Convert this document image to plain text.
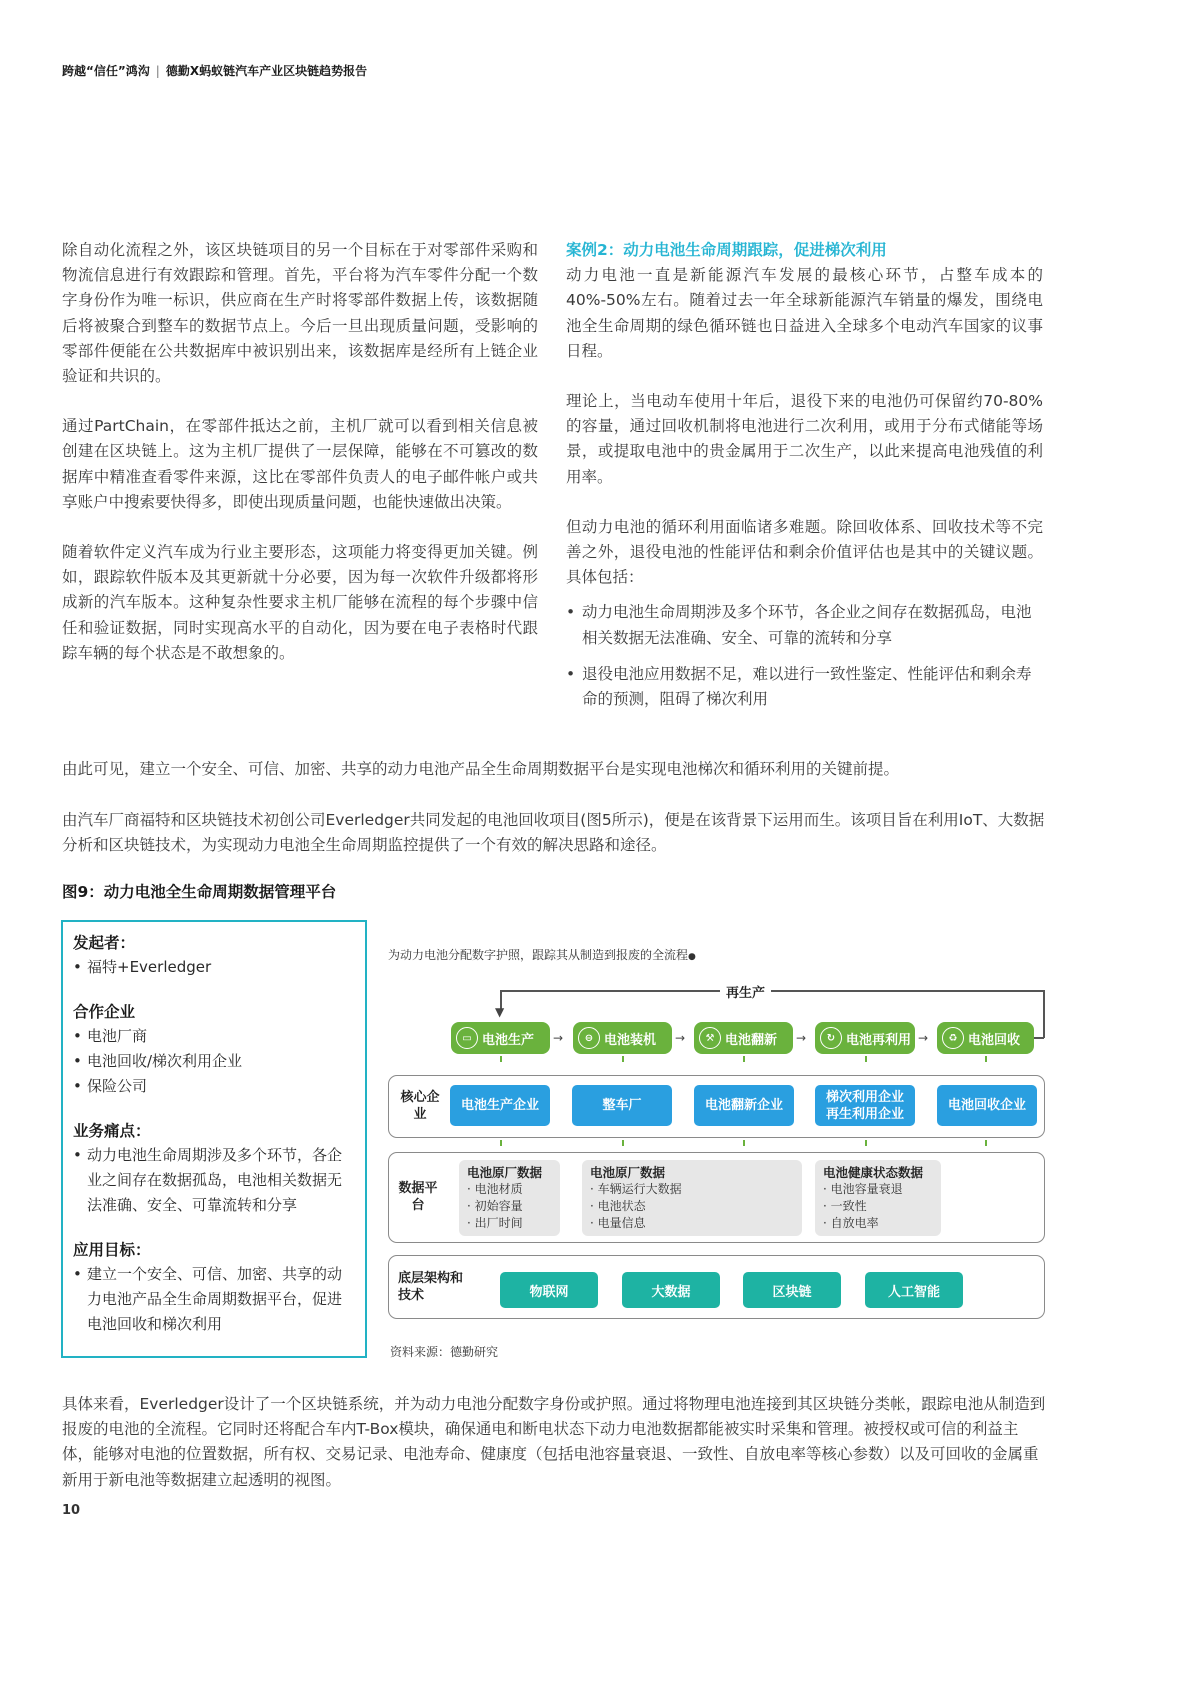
跨越“信任”鸿沟 | 德勤X蚂蚁链汽车产业区块链趋势报告

除自动化流程之外，该区块链项目的另一个目标在于对零部件采购和物流信息进行有效跟踪和管理。首先，平台将为汽车零件分配一个数字身份作为唯一标识，供应商在生产时将零部件数据上传，该数据随后将被聚合到整车的数据节点上。今后一旦出现质量问题，受影响的零部件便能在公共数据库中被识别出来，该数据库是经所有上链企业验证和共识的。

通过PartChain，在零部件抵达之前，主机厂就可以看到相关信息被创建在区块链上。这为主机厂提供了一层保障，能够在不可篡改的数据库中精准查看零件来源，这比在零部件负责人的电子邮件帐户或共享账户中搜索要快得多，即使出现质量问题，也能快速做出决策。

随着软件定义汽车成为行业主要形态，这项能力将变得更加关键。例如，跟踪软件版本及其更新就十分必要，因为每一次软件升级都将形成新的汽车版本。这种复杂性要求主机厂能够在流程的每个步骤中信任和验证数据，同时实现高水平的自动化，因为要在电子表格时代跟踪车辆的每个状态是不敢想象的。

案例2：动力电池生命周期跟踪，促进梯次利用

动力电池一直是新能源汽车发展的最核心环节，占整车成本的40%-50%左右。随着过去一年全球新能源汽车销量的爆发，围绕电池全生命周期的绿色循环链也日益进入全球多个电动汽车国家的议事日程。

理论上，当电动车使用十年后，退役下来的电池仍可保留约70-80%的容量，通过回收机制将电池进行二次利用，或用于分布式储能等场景，或提取电池中的贵金属用于二次生产，以此来提高电池残值的利用率。

但动力电池的循环利用面临诸多难题。除回收体系、回收技术等不完善之外，退役电池的性能评估和剩余价值评估也是其中的关键议题。具体包括：

• 动力电池生命周期涉及多个环节，各企业之间存在数据孤岛，电池相关数据无法准确、安全、可靠的流转和分享
• 退役电池应用数据不足，难以进行一致性鉴定、性能评估和剩余寿命的预测，阻碍了梯次利用

由此可见，建立一个安全、可信、加密、共享的动力电池产品全生命周期数据平台是实现电池梯次和循环利用的关键前提。

由汽车厂商福特和区块链技术初创公司Everledger共同发起的电池回收项目(图5所示)，便是在该背景下运用而生。该项目旨在利用IoT、大数据分析和区块链技术，为实现动力电池全生命周期监控提供了一个有效的解决思路和途径。

图9：动力电池全生命周期数据管理平台
发起者：
• 福特+Everledger
合作企业
• 电池厂商
• 电池回收/梯次利用企业
• 保险公司
业务痛点：
• 动力电池生命周期涉及多个环节，各企业之间存在数据孤岛，电池相关数据无法准确、安全、可靠流转和分享
应用目标：
• 建立一个安全、可信、加密、共享的动力电池产品全生命周期数据平台，促进电池回收和梯次利用
为动力电池分配数字护照，跟踪其从制造到报废的全流程●
▼
再生产
▭ 电池生产 →	⊖ 电池装机 →	⚒ 电池翻新 →	↻ 电池再利用 →	♻ 电池回收
核心企业
电池生产企业	整车厂	电池翻新企业
梯次利用企业
再生利用企业
电池回收企业
数据平台
电池原厂数据
· 电池材质
· 初始容量
· 出厂时间
电池原厂数据
· 车辆运行大数据
· 电池状态
· 电量信息
电池健康状态数据
· 电池容量衰退
· 一致性
· 自放电率
底层架构和技术	物联网	大数据	区块链	人工智能
资料来源：德勤研究

具体来看，Everledger设计了一个区块链系统，并为动力电池分配数字身份或护照。通过将物理电池连接到其区块链分类帐，跟踪电池从制造到报废的电池的全流程。它同时还将配合车内T-Box模块，确保通电和断电状态下动力电池数据都能被实时采集和管理。被授权或可信的利益主体，能够对电池的位置数据，所有权、交易记录、电池寿命、健康度（包括电池容量衰退、一致性、自放电率等核心参数）以及可回收的金属重新用于新电池等数据建立起透明的视图。

10
